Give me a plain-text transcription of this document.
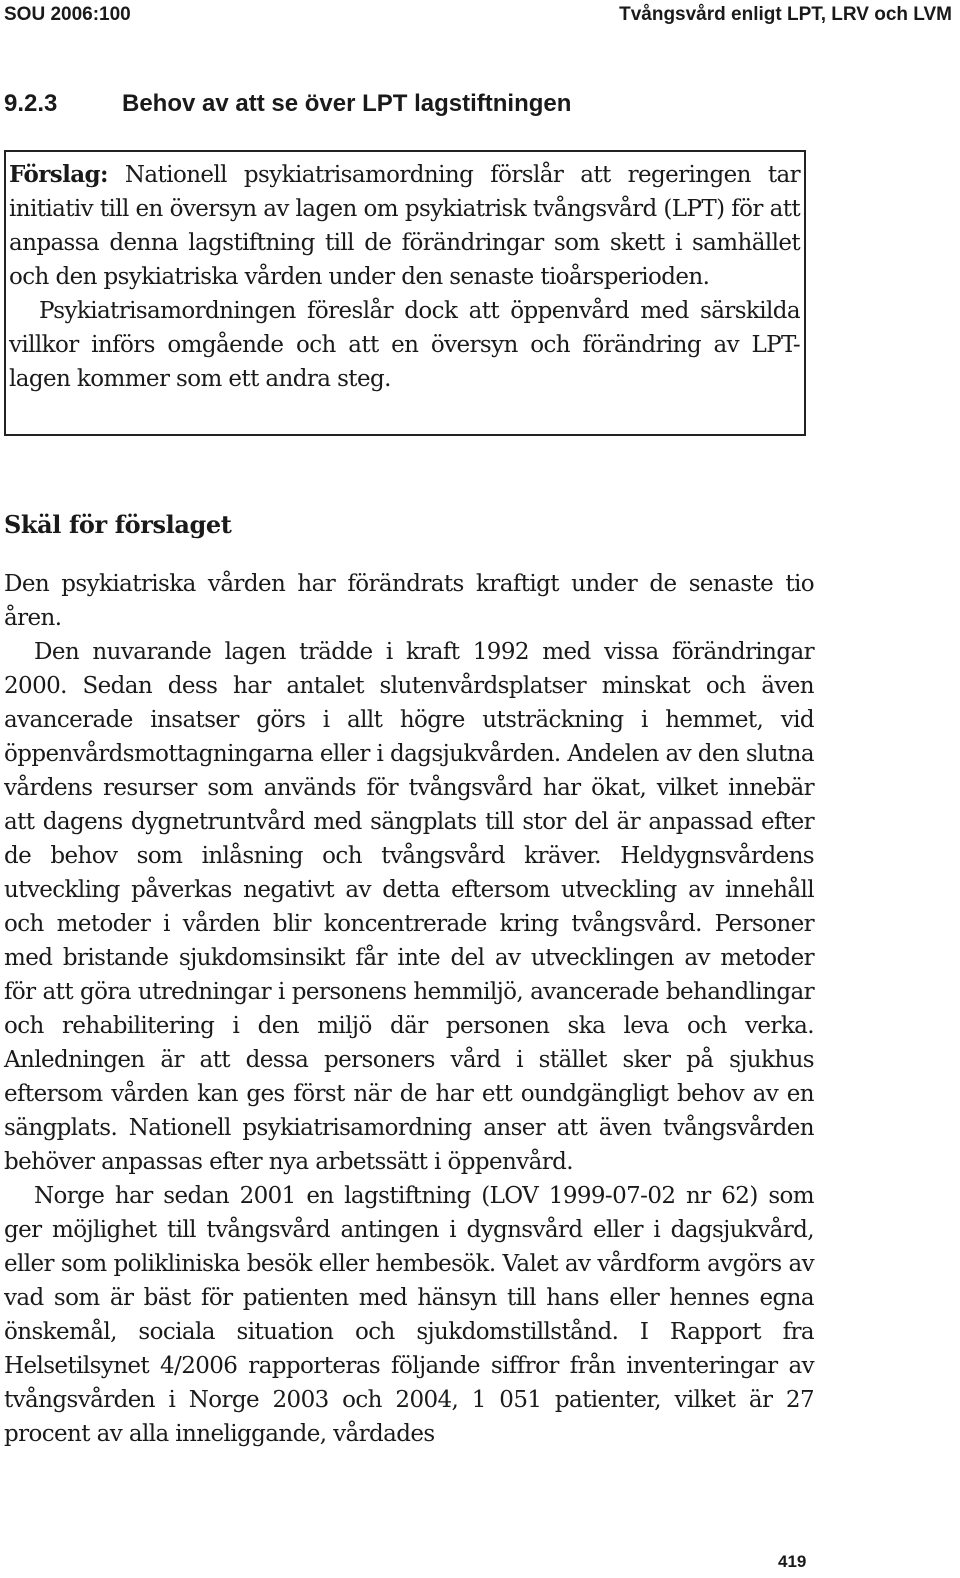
SOU 2006:100	Tvångsvård enligt LPT, LRV och LVM
9.2.3	Behov av att se över LPT lagstiftningen

Förslag: Nationell psykiatrisamordning förslår att regeringen tar initiativ till en översyn av lagen om psykiatrisk tvångsvård (LPT) för att anpassa denna lagstiftning till de förändringar som skett i samhället och den psykiatriska vården under den senaste tioårsperioden.

Psykiatrisamordningen föreslår dock att öppenvård med särskilda villkor införs omgående och att en översyn och förändring av LPT-lagen kommer som ett andra steg.

Skäl för förslaget

Den psykiatriska vården har förändrats kraftigt under de senaste tio åren.

Den nuvarande lagen trädde i kraft 1992 med vissa förändringar 2000. Sedan dess har antalet slutenvårdsplatser minskat och även avancerade insatser görs i allt högre utsträckning i hemmet, vid öppenvårdsmottagningarna eller i dagsjukvården. Andelen av den slutna vårdens resurser som används för tvångsvård har ökat, vilket innebär att dagens dygnetruntvård med sängplats till stor del är anpassad efter de behov som inlåsning och tvångsvård kräver. Heldygnsvårdens utveckling påverkas negativt av detta eftersom utveckling av innehåll och metoder i vården blir koncentrerade kring tvångsvård. Personer med bristande sjukdomsinsikt får inte del av utvecklingen av metoder för att göra utredningar i personens hemmiljö, avancerade behandlingar och rehabilitering i den miljö där personen ska leva och verka. Anledningen är att dessa personers vård i stället sker på sjukhus eftersom vården kan ges först när de har ett oundgängligt behov av en sängplats. Nationell psykiatrisamordning anser att även tvångsvården behöver anpassas efter nya arbetssätt i öppenvård.

Norge har sedan 2001 en lagstiftning (LOV 1999-07-02 nr 62) som ger möjlighet till tvångsvård antingen i dygnsvård eller i dagsjukvård, eller som polikliniska besök eller hembesök. Valet av vårdform avgörs av vad som är bäst för patienten med hänsyn till hans eller hennes egna önskemål, sociala situation och sjukdomstillstånd. I Rapport fra Helsetilsynet 4/2006 rapporteras följande siffror från inventeringar av tvångsvården i Norge 2003 och 2004, 1 051 patienter, vilket är 27 procent av alla inneliggande, vårdades

419
